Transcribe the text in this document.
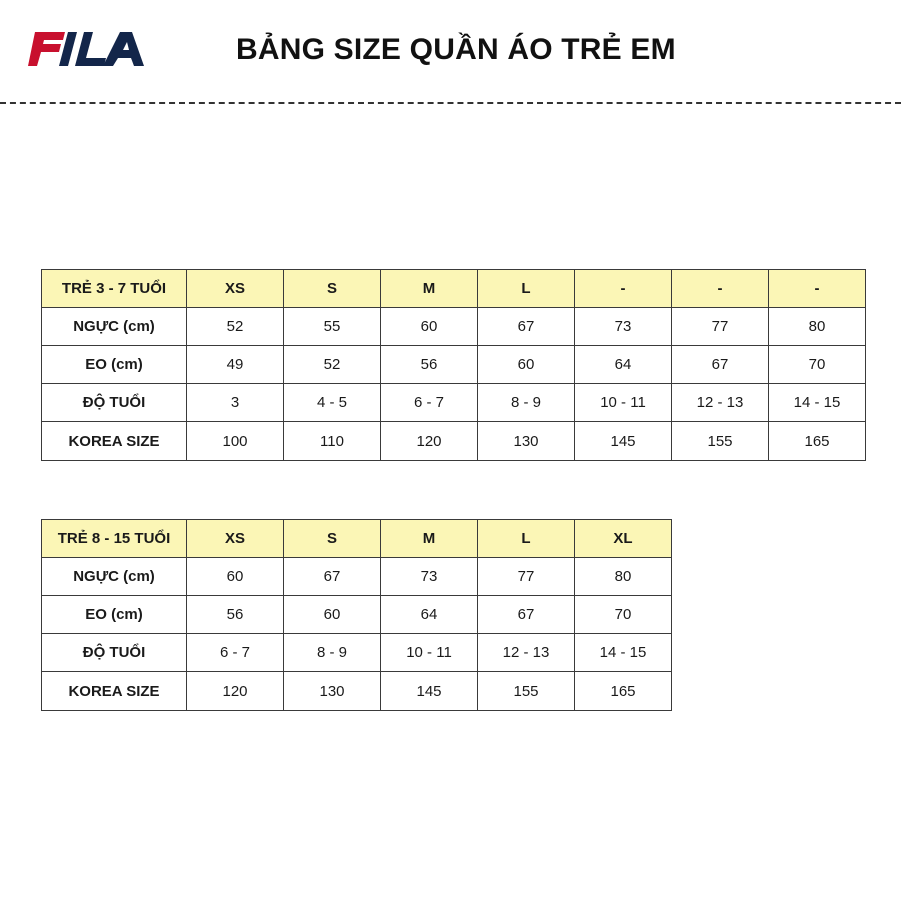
BẢNG SIZE QUẦN ÁO TRẺ EM
TRẺ 3 - 7 TUỔI	XS	S	M	L	-	-	-
NGỰC (cm)	52	55	60	67	73	77	80
EO (cm)	49	52	56	60	64	67	70
ĐỘ TUỔI	3	4 - 5	6 - 7	8 - 9	10 - 11	12 - 13	14 - 15
KOREA SIZE	100	110	120	130	145	155	165
TRẺ 8 - 15 TUỔI	XS	S	M	L	XL
NGỰC (cm)	60	67	73	77	80
EO (cm)	56	60	64	67	70
ĐỘ TUỔI	6 - 7	8 - 9	10 - 11	12 - 13	14 - 15
KOREA SIZE	120	130	145	155	165
